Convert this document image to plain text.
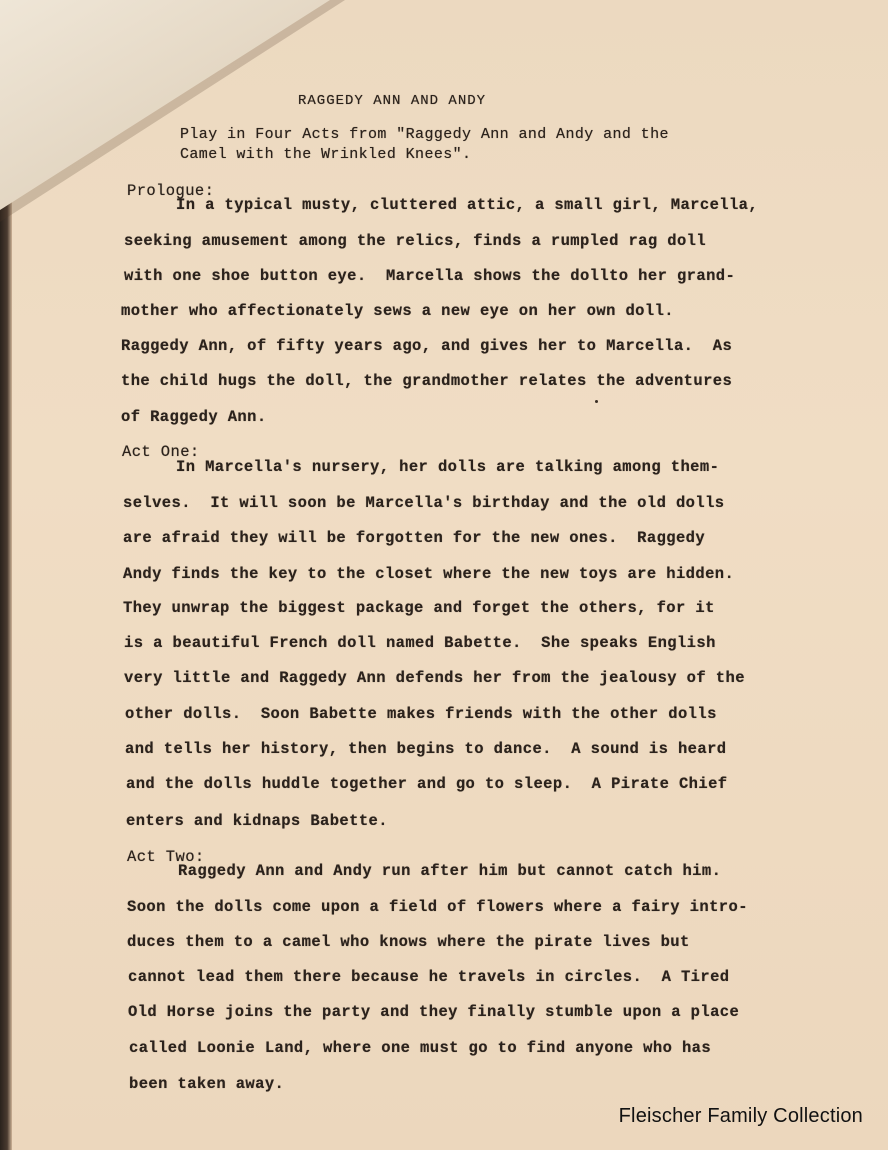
RAGGEDY ANN AND ANDY
Play in Four Acts from "Raggedy Ann and Andy and the
Camel with the Wrinkled Knees".
Prologue:
In a typical musty, cluttered attic, a small girl, Marcella,
seeking amusement among the relics, finds a rumpled rag doll
with one shoe button eye.  Marcella shows the dollto her grand-
mother who affectionately sews a new eye on her own doll.
Raggedy Ann, of fifty years ago, and gives her to Marcella.  As
the child hugs the doll, the grandmother relates the adventures
of Raggedy Ann.
Act One:
In Marcella's nursery, her dolls are talking among them-
selves.  It will soon be Marcella's birthday and the old dolls
are afraid they will be forgotten for the new ones.  Raggedy
Andy finds the key to the closet where the new toys are hidden.
They unwrap the biggest package and forget the others, for it
is a beautiful French doll named Babette.  She speaks English
very little and Raggedy Ann defends her from the jealousy of the
other dolls.  Soon Babette makes friends with the other dolls
and tells her history, then begins to dance.  A sound is heard
and the dolls huddle together and go to sleep.  A Pirate Chief
enters and kidnaps Babette.
Act Two:
Raggedy Ann and Andy run after him but cannot catch him.
Soon the dolls come upon a field of flowers where a fairy intro-
duces them to a camel who knows where the pirate lives but
cannot lead them there because he travels in circles.  A Tired
Old Horse joins the party and they finally stumble upon a place
called Loonie Land, where one must go to find anyone who has
been taken away.
Fleischer Family Collection
